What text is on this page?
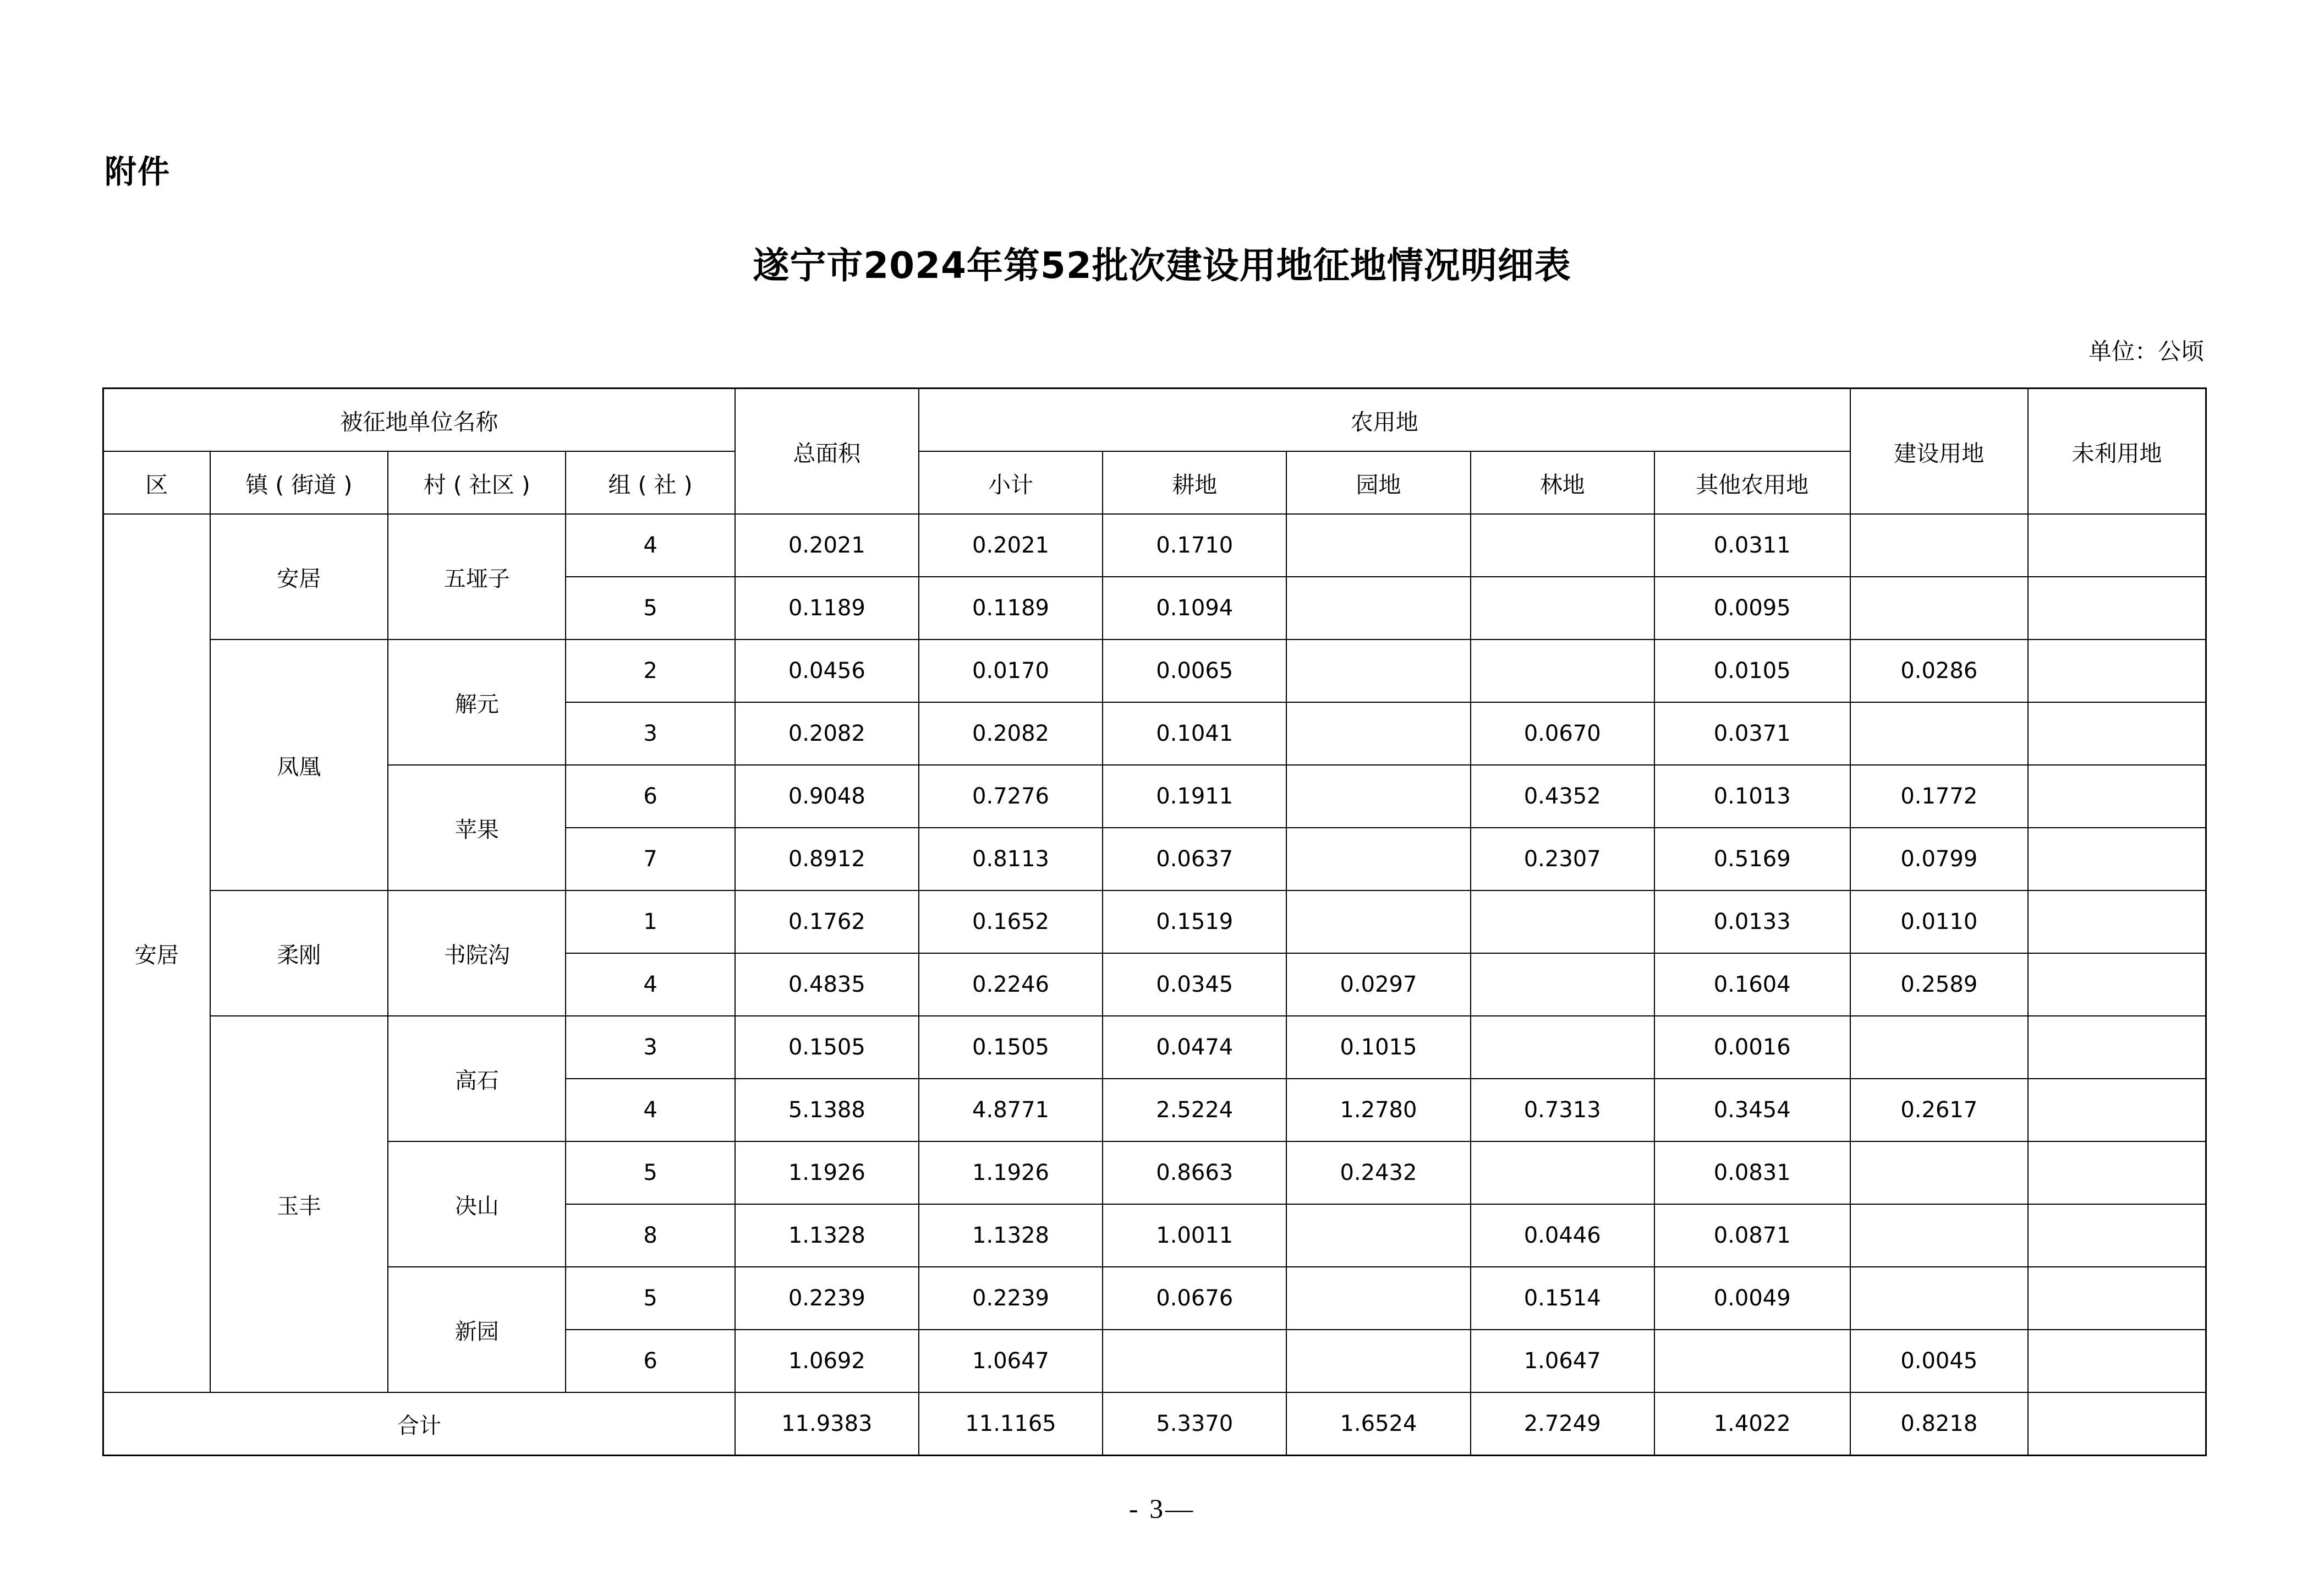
附件
遂宁市2024年第52批次建设用地征地情况明细表
单位：公顷
被征地单位名称				总面积	农用地					建设用地	未利用地
区	镇 ( 街道 )	村 ( 社区 )	组 ( 社 )		小计	耕地	园地	林地	其他农用地		
安居	安居	五垭子	4	0.2021	0.2021	0.1710			0.0311		
			5	0.1189	0.1189	0.1094			0.0095		
	凤凰	解元	2	0.0456	0.0170	0.0065			0.0105	0.0286	
			3	0.2082	0.2082	0.1041		0.0670	0.0371		
		苹果	6	0.9048	0.7276	0.1911		0.4352	0.1013	0.1772	
			7	0.8912	0.8113	0.0637		0.2307	0.5169	0.0799	
	柔刚	书院沟	1	0.1762	0.1652	0.1519			0.0133	0.0110	
			4	0.4835	0.2246	0.0345	0.0297		0.1604	0.2589	
	玉丰	高石	3	0.1505	0.1505	0.0474	0.1015		0.0016		
			4	5.1388	4.8771	2.5224	1.2780	0.7313	0.3454	0.2617	
		决山	5	1.1926	1.1926	0.8663	0.2432		0.0831		
			8	1.1328	1.1328	1.0011		0.0446	0.0871		
		新园	5	0.2239	0.2239	0.0676		0.1514	0.0049		
			6	1.0692	1.0647			1.0647		0.0045	
合计				11.9383	11.1165	5.3370	1.6524	2.7249	1.4022	0.8218	
- 3—
